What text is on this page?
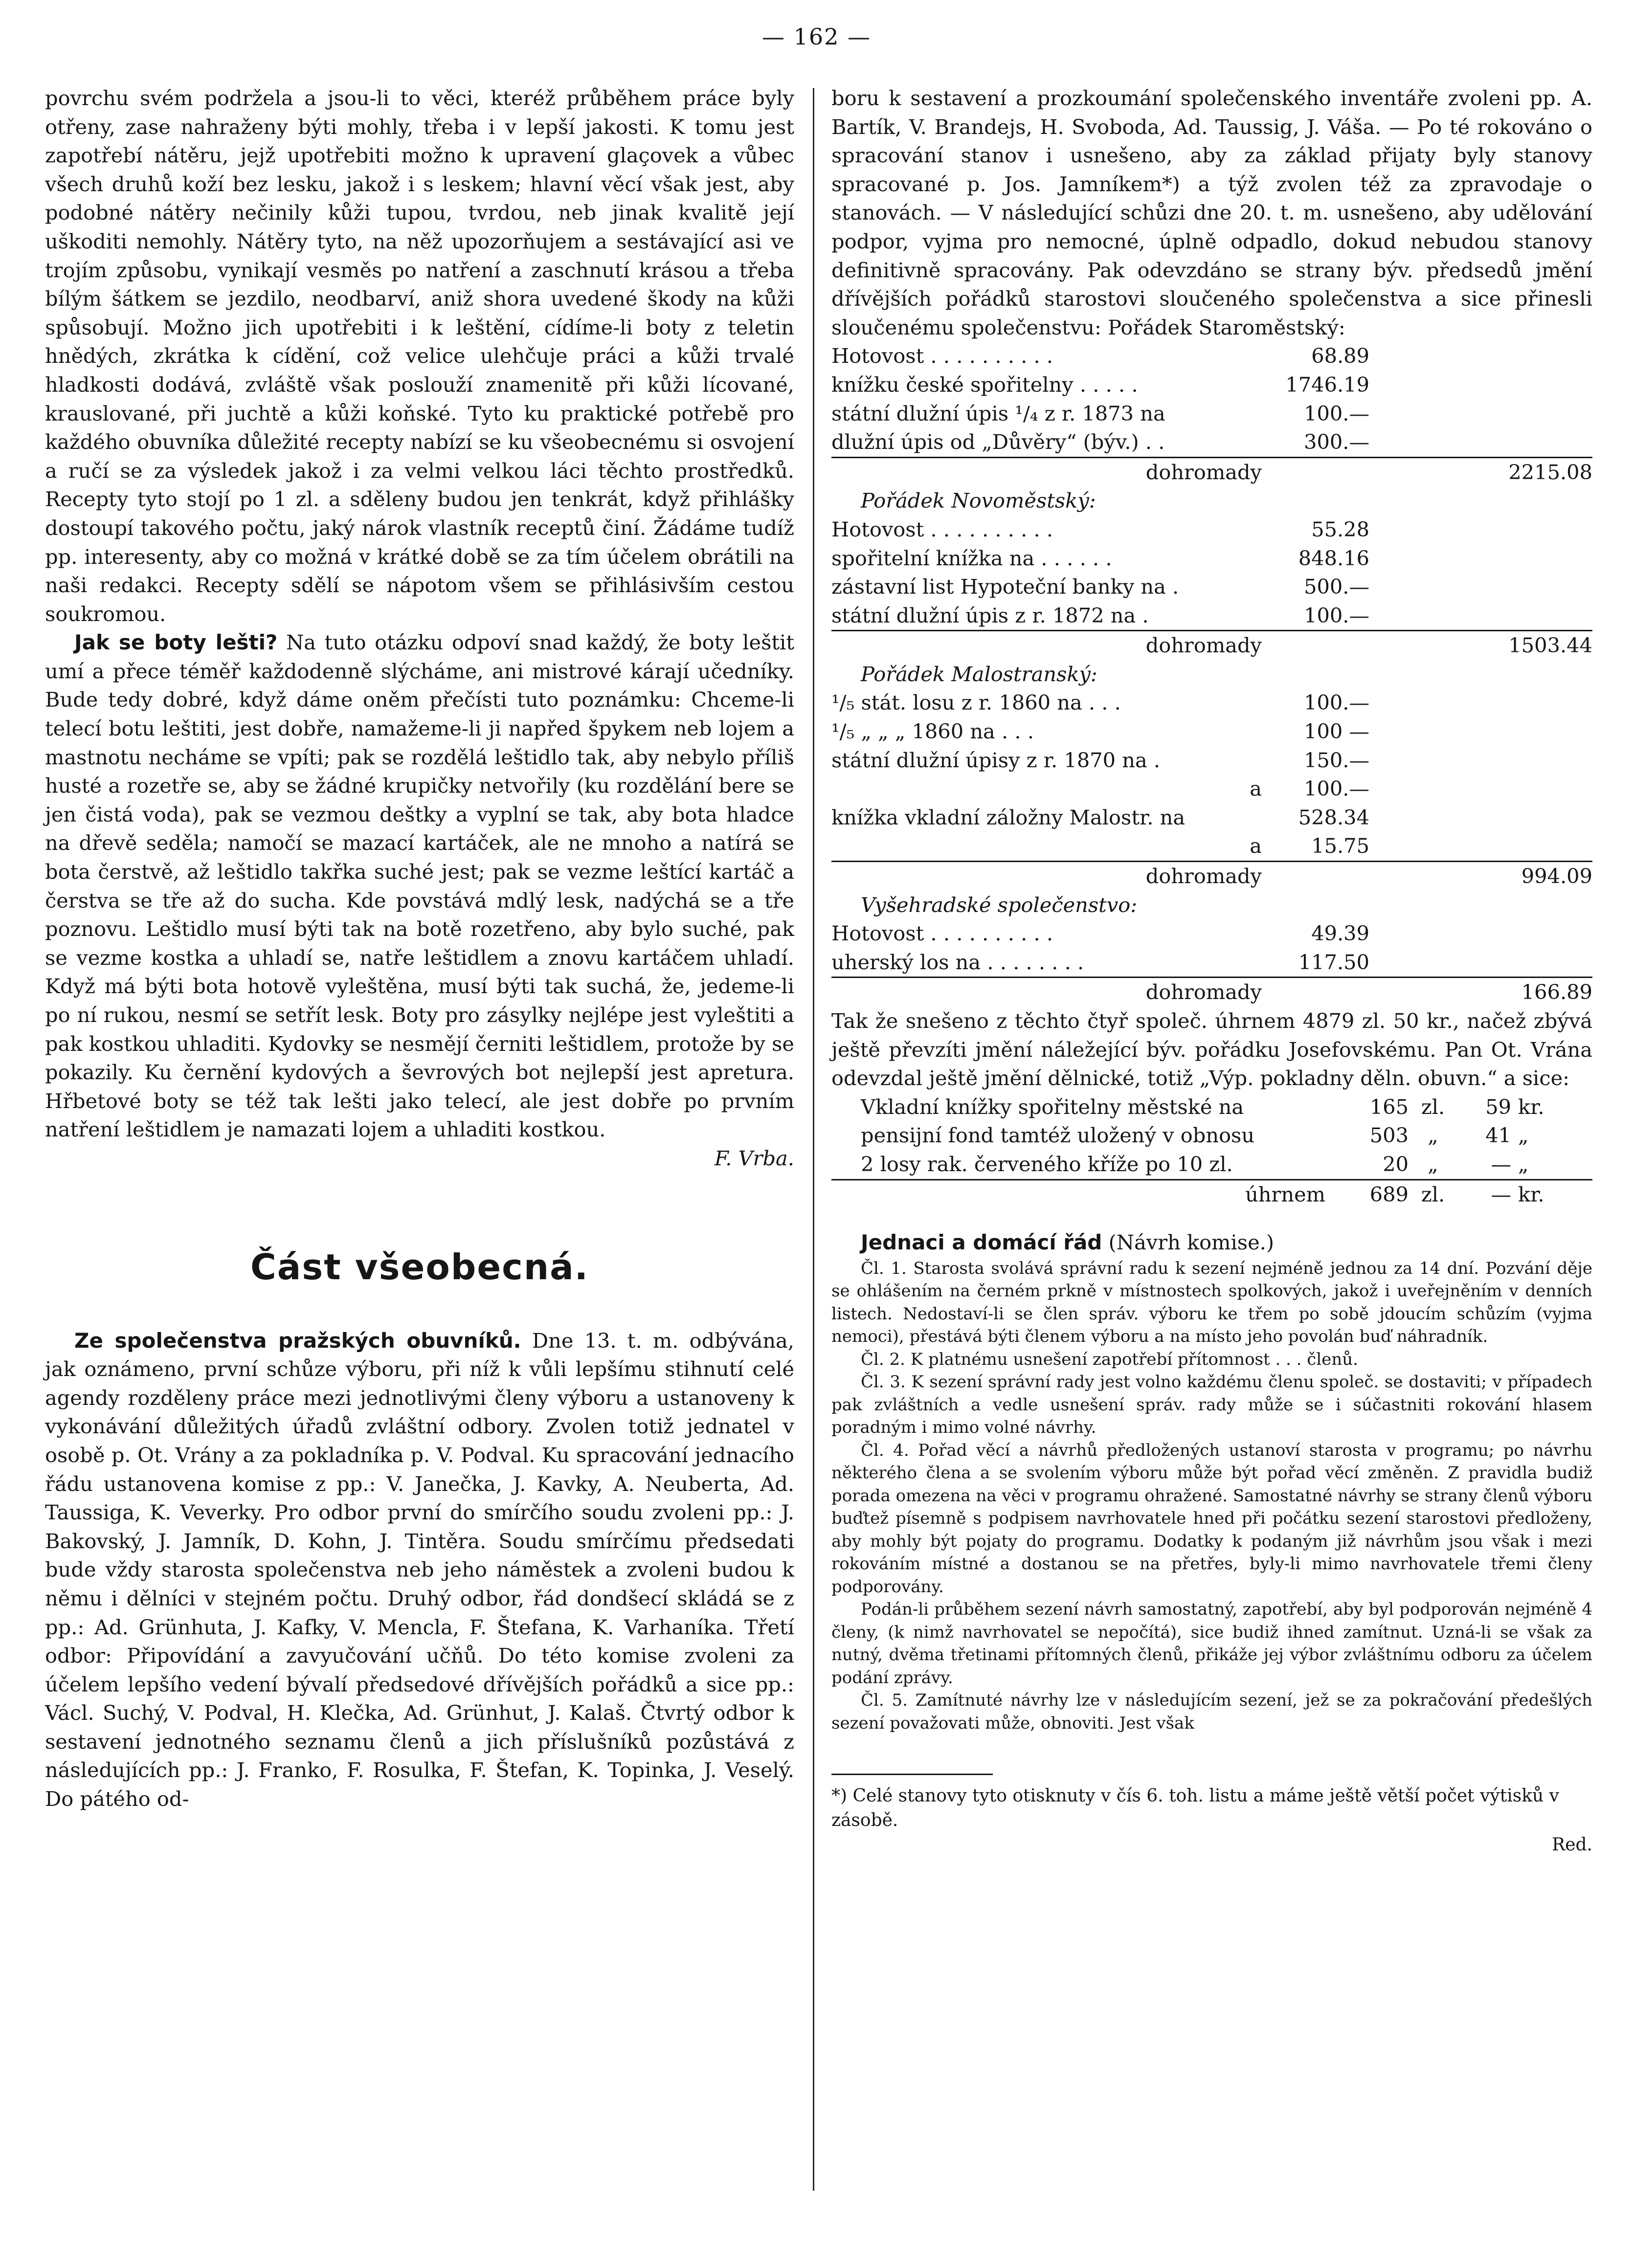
— 162 —

povrchu svém podržela a jsou-li to věci, kteréž průběhem práce byly otřeny, zase nahraženy býti mohly, třeba i v lepší jakosti. K tomu jest zapotřebí nátěru, jejž upotřebiti možno k upravení glaçovek a vůbec všech druhů koží bez lesku, jakož i s leskem; hlavní věcí však jest, aby podobné nátěry nečinily kůži tupou, tvrdou, neb jinak kvalitě její uškoditi nemohly. Nátěry tyto, na něž upozorňujem a sestávající asi ve trojím způsobu, vynikají vesměs po natření a zaschnutí krásou a třeba bílým šátkem se jezdilo, neodbarví, aniž shora uvedené škody na kůži spůsobují. Možno jich upotřebiti i k leštění, cídíme-li boty z teletin hnědých, zkrátka k cídění, což velice ulehčuje práci a kůži trvalé hladkosti dodává, zvláště však poslouží znamenitě při kůži lícované, krauslované, při juchtě a kůži koňské. Tyto ku praktické potřebě pro každého obuvníka důležité recepty nabízí se ku všeobecnému si osvojení a ručí se za výsledek jakož i za velmi velkou láci těchto prostředků. Recepty tyto stojí po 1 zl. a sděleny budou jen tenkrát, když přihlášky dostoupí takového počtu, jaký nárok vlastník receptů činí. Žádáme tudíž pp. interesenty, aby co možná v krátké době se za tím účelem obrátili na naši redakci. Recepty sdělí se nápotom všem se přihlásivším cestou soukromou.

Jak se boty lešti? Na tuto otázku odpoví snad každý, že boty leštit umí a přece téměř každodenně slýcháme, ani mistrové kárají učedníky. Bude tedy dobré, když dáme oněm přečísti tuto poznámku: Chceme-li telecí botu leštiti, jest dobře, namažeme-li ji napřed špykem neb lojem a mastnotu necháme se vpíti; pak se rozdělá leštidlo tak, aby nebylo příliš husté a rozetře se, aby se žádné krupičky netvořily (ku rozdělání bere se jen čistá voda), pak se vezmou deštky a vyplní se tak, aby bota hladce na dřevě seděla; namočí se mazací kartáček, ale ne mnoho a natírá se bota čerstvě, až leštidlo takřka suché jest; pak se vezme leštící kartáč a čerstva se tře až do sucha. Kde povstává mdlý lesk, nadýchá se a tře poznovu. Leštidlo musí býti tak na botě rozetřeno, aby bylo suché, pak se vezme kostka a uhladí se, natře leštidlem a znovu kartáčem uhladí. Když má býti bota hotově vyleštěna, musí býti tak suchá, že, jedeme-li po ní rukou, nesmí se setřít lesk. Boty pro zásylky nejlépe jest vyleštiti a pak kostkou uhladiti. Kydovky se nesmějí černiti leštidlem, protože by se pokazily. Ku černění kydových a ševrových bot nejlepší jest apretura. Hřbetové boty se též tak lešti jako telecí, ale jest dobře po prvním natření leštidlem je namazati lojem a uhladiti kostkou.

F. Vrba.
Část všeobecná.

Ze společenstva pražských obuvníků. Dne 13. t. m. odbývána, jak oznámeno, první schůze výboru, při níž k vůli lepšímu stihnutí celé agendy rozděleny práce mezi jednotlivými členy výboru a ustanoveny k vykonávání důležitých úřadů zvláštní odbory. Zvolen totiž jednatel v osobě p. Ot. Vrány a za pokladníka p. V. Podval. Ku spracování jednacího řádu ustanovena komise z pp.: V. Janečka, J. Kavky, A. Neuberta, Ad. Taussiga, K. Veverky. Pro odbor první do smírčího soudu zvoleni pp.: J. Bakovský, J. Jamník, D. Kohn, J. Tintěra. Soudu smírčímu předsedati bude vždy starosta společenstva neb jeho náměstek a zvoleni budou k němu i dělníci v stejném počtu. Druhý odbor, řád dondšecí skládá se z pp.: Ad. Grünhuta, J. Kafky, V. Mencla, F. Štefana, K. Varhaníka. Třetí odbor: Připovídání a zavyučování učňů. Do této komise zvoleni za účelem lepšího vedení bývalí předsedové dřívějších pořádků a sice pp.: Václ. Suchý, V. Podval, H. Klečka, Ad. Grünhut, J. Kalaš. Čtvrtý odbor k sestavení jednotného seznamu členů a jich příslušníků pozůstává z následujících pp.: J. Franko, F. Rosulka, F. Štefan, K. Topinka, J. Veselý. Do pátého od-

boru k sestavení a prozkoumání společenského inventáře zvoleni pp. A. Bartík, V. Brandejs, H. Svoboda, Ad. Taussig, J. Váša. — Po té rokováno o spracování stanov i usnešeno, aby za základ přijaty byly stanovy spracované p. Jos. Jamníkem*) a týž zvolen též za zpravodaje o stanovách. — V následující schůzi dne 20. t. m. usnešeno, aby udělování podpor, vyjma pro nemocné, úplně odpadlo, dokud nebudou stanovy definitivně spracovány. Pak odevzdáno se strany býv. předsedů jmění dřívějších pořádků starostovi sloučeného společenstva a sice přinesli sloučenému společenstvu: Pořádek Staroměstský:

Hotovost . . . . . . . . . .	68.89
knížku české spořitelny . . . . .	1746.19
státní dlužní úpis ¹/₄ z r. 1873 na	100.—
dlužní úpis od „Důvěry“ (býv.) . .	300.—
dohromady	2215.08
Pořádek Novoměstský:
Hotovost . . . . . . . . . .	55.28
spořitelní knížka na . . . . . .	848.16
zástavní list Hypoteční banky na .	500.—
státní dlužní úpis z r. 1872 na .	100.—
dohromady	1503.44
Pořádek Malostranský:
¹/₅ stát. losu z r. 1860 na . . .	100.—
¹/₅ „ „ „ 1860 na . . .	100 —
státní dlužní úpisy z r. 1870 na .	150.—
a	100.—
knížka vkladní záložny Malostr. na	528.34
a	15.75
dohromady	994.09
Vyšehradské společenstvo:
Hotovost . . . . . . . . . .	49.39
uherský los na . . . . . . . .	117.50
dohromady	166.89

Tak že snešeno z těchto čtyř společ. úhrnem 4879 zl. 50 kr., načež zbývá ještě převzíti jmění náležející býv. pořádku Josefovskému. Pan Ot. Vrána odevzdal ještě jmění dělnické, totiž „Výp. pokladny děln. obuvn.“ a sice:

Vkladní knížky spořitelny městské na	165 zl.	59 kr.
pensijní fond tamtéž uložený v obnosu	503 „	41 „
2 losy rak. červeného kříže po 10 zl.	20 „	— „
úhrnem	689 zl.	— kr.
Jednaci a domácí řád (Návrh komise.)

Čl. 1. Starosta svolává správní radu k sezení nejméně jednou za 14 dní. Pozvání děje se ohlášením na černém prkně v místnostech spolkových, jakož i uveřejněním v denních listech. Nedostaví-li se člen správ. výboru ke třem po sobě jdoucím schůzím (vyjma nemoci), přestává býti členem výboru a na místo jeho povolán buď náhradník.

Čl. 2. K platnému usnešení zapotřebí přítomnost . . . členů.

Čl. 3. K sezení správní rady jest volno každému členu společ. se dostaviti; v případech pak zvláštních a vedle usnešení správ. rady může se i súčastniti rokování hlasem poradným i mimo volné návrhy.

Čl. 4. Pořad věcí a návrhů předložených ustanoví starosta v programu; po návrhu některého člena a se svolením výboru může být pořad věcí změněn. Z pravidla budiž porada omezena na věci v programu ohražené. Samostatné návrhy se strany členů výboru buďtež písemně s podpisem navrhovatele hned při počátku sezení starostovi předloženy, aby mohly být pojaty do programu. Dodatky k podaným již návrhům jsou však i mezi rokováním místné a dostanou se na přetřes, byly-li mimo navrhovatele třemi členy podporovány.

Podán-li průběhem sezení návrh samostatný, zapotřebí, aby byl podporován nejméně 4 členy, (k nimž navrhovatel se nepočítá), sice budiž ihned zamítnut. Uzná-li se však za nutný, dvěma třetinami přítomných členů, přikáže jej výbor zvláštnímu odboru za účelem podání zprávy.

Čl. 5. Zamítnuté návrhy lze v následujícím sezení, jež se za pokračování předešlých sezení považovati může, obnoviti. Jest však

*) Celé stanovy tyto otisknuty v čís 6. toh. listu a máme ještě větší počet výtisků v zásobě.

Red.
